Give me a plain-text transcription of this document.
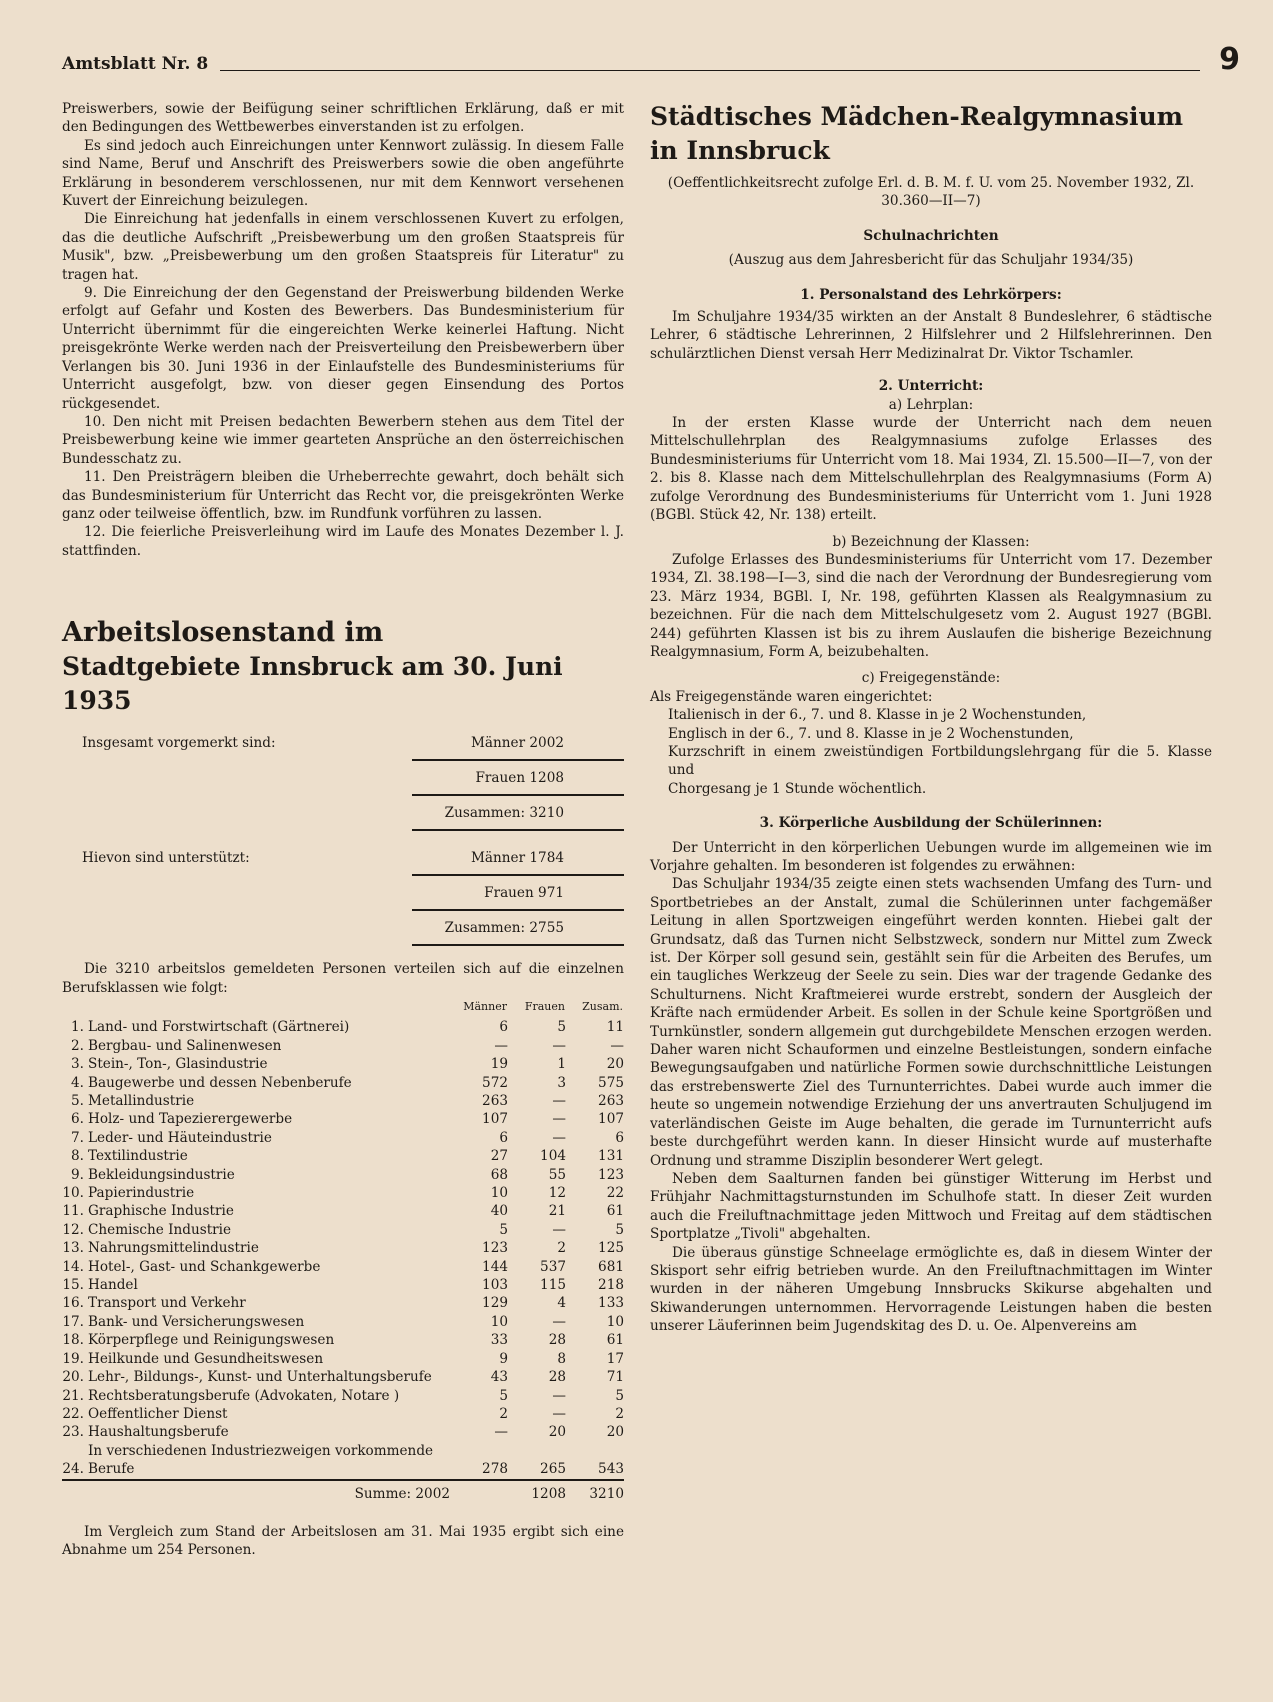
Amtsblatt Nr. 8	9

Preiswerbers, sowie der Beifügung seiner schriftlichen Erklärung, daß er mit den Bedingungen des Wettbewerbes einverstanden ist zu erfolgen.

Es sind jedoch auch Einreichungen unter Kennwort zulässig. In diesem Falle sind Name, Beruf und Anschrift des Preiswerbers sowie die oben angeführte Erklärung in besonderem verschlossenen, nur mit dem Kennwort versehenen Kuvert der Einreichung beizulegen.

Die Einreichung hat jedenfalls in einem verschlossenen Kuvert zu erfolgen, das die deutliche Aufschrift „Preisbewerbung um den großen Staatspreis für Musik", bzw. „Preisbewerbung um den großen Staatspreis für Literatur" zu tragen hat.

9. Die Einreichung der den Gegenstand der Preiswerbung bildenden Werke erfolgt auf Gefahr und Kosten des Bewerbers. Das Bundesministerium für Unterricht übernimmt für die eingereichten Werke keinerlei Haftung. Nicht preisgekrönte Werke werden nach der Preisverteilung den Preisbewerbern über Verlangen bis 30. Juni 1936 in der Einlaufstelle des Bundesministeriums für Unterricht ausgefolgt, bzw. von dieser gegen Einsendung des Portos rückgesendet.

10. Den nicht mit Preisen bedachten Bewerbern stehen aus dem Titel der Preisbewerbung keine wie immer gearteten Ansprüche an den österreichischen Bundesschatz zu.

11. Den Preisträgern bleiben die Urheberrechte gewahrt, doch behält sich das Bundesministerium für Unterricht das Recht vor, die preisgekrönten Werke ganz oder teilweise öffentlich, bzw. im Rundfunk vorführen zu lassen.

12. Die feierliche Preisverleihung wird im Laufe des Monates Dezember l. J. stattfinden.

Arbeitslosenstand im
Stadtgebiete Innsbruck am 30. Juni 1935
Insgesamt vorgemerkt sind:	Männer 2002
Frauen 1208
Zusammen: 3210
Hievon sind unterstützt:	Männer 1784
Frauen 971
Zusammen: 2755

Die 3210 arbeitslos gemeldeten Personen verteilen sich auf die einzelnen Berufsklassen wie folgt:

		Männer	Frauen	Zusam.
1.	Land- und Forstwirtschaft (Gärtnerei)	6	5	11
2.	Bergbau- und Salinenwesen	—	—	—
3.	Stein-, Ton-, Glasindustrie	19	1	20
4.	Baugewerbe und dessen Nebenberufe	572	3	575
5.	Metallindustrie	263	—	263
6.	Holz- und Tapezierergewerbe	107	—	107
7.	Leder- und Häuteindustrie	6	—	6
8.	Textilindustrie	27	104	131
9.	Bekleidungsindustrie	68	55	123
10.	Papierindustrie	10	12	22
11.	Graphische Industrie	40	21	61
12.	Chemische Industrie	5	—	5
13.	Nahrungsmittelindustrie	123	2	125
14.	Hotel-, Gast- und Schankgewerbe	144	537	681
15.	Handel	103	115	218
16.	Transport und Verkehr	129	4	133
17.	Bank- und Versicherungswesen	10	—	10
18.	Körperpflege und Reinigungswesen	33	28	61
19.	Heilkunde und Gesundheitswesen	9	8	17
20.	Lehr-, Bildungs-, Kunst- und Unterhaltungsberufe	43	28	71
21.	Rechtsberatungsberufe (Advokaten, Notare )	5	—	5
22.	Oeffentlicher Dienst	2	—	2
23.	Haushaltungsberufe	—	20	20
24.	In verschiedenen Industriezweigen vorkommende Berufe	278	265	543
	Summe: 2002		1208	3210

Im Vergleich zum Stand der Arbeitslosen am 31. Mai 1935 ergibt sich eine Abnahme um 254 Personen.

Städtisches Mädchen-Realgymnasium
in Innsbruck

(Oeffentlichkeitsrecht zufolge Erl. d. B. M. f. U. vom 25. November 1932, Zl. 30.360—II—7)

Schulnachrichten

(Auszug aus dem Jahresbericht für das Schuljahr 1934/35)

1. Personalstand des Lehrkörpers:

Im Schuljahre 1934/35 wirkten an der Anstalt 8 Bundeslehrer, 6 städtische Lehrer, 6 städtische Lehrerinnen, 2 Hilfslehrer und 2 Hilfslehrerinnen. Den schulärztlichen Dienst versah Herr Medizinalrat Dr. Viktor Tschamler.

2. Unterricht:

a) Lehrplan:

In der ersten Klasse wurde der Unterricht nach dem neuen Mittelschullehrplan des Realgymnasiums zufolge Erlasses des Bundesministeriums für Unterricht vom 18. Mai 1934, Zl. 15.500—II—7, von der 2. bis 8. Klasse nach dem Mittelschullehrplan des Realgymnasiums (Form A) zufolge Verordnung des Bundesministeriums für Unterricht vom 1. Juni 1928 (BGBl. Stück 42, Nr. 138) erteilt.

b) Bezeichnung der Klassen:

Zufolge Erlasses des Bundesministeriums für Unterricht vom 17. Dezember 1934, Zl. 38.198—I—3, sind die nach der Verordnung der Bundesregierung vom 23. März 1934, BGBl. I, Nr. 198, geführten Klassen als Realgymnasium zu bezeichnen. Für die nach dem Mittelschulgesetz vom 2. August 1927 (BGBl. 244) geführten Klassen ist bis zu ihrem Auslaufen die bisherige Bezeichnung Realgymnasium, Form A, beizubehalten.

c) Freigegenstände:

Als Freigegenstände waren eingerichtet:

Italienisch in der 6., 7. und 8. Klasse in je 2 Wochenstunden,
Englisch in der 6., 7. und 8. Klasse in je 2 Wochenstunden,
Kurzschrift in einem zweistündigen Fortbildungslehrgang für die 5. Klasse und
Chorgesang je 1 Stunde wöchentlich.

3. Körperliche Ausbildung der Schülerinnen:

Der Unterricht in den körperlichen Uebungen wurde im allgemeinen wie im Vorjahre gehalten. Im besonderen ist folgendes zu erwähnen:

Das Schuljahr 1934/35 zeigte einen stets wachsenden Umfang des Turn- und Sportbetriebes an der Anstalt, zumal die Schülerinnen unter fachgemäßer Leitung in allen Sportzweigen eingeführt werden konnten. Hiebei galt der Grundsatz, daß das Turnen nicht Selbstzweck, sondern nur Mittel zum Zweck ist. Der Körper soll gesund sein, gestählt sein für die Arbeiten des Berufes, um ein taugliches Werkzeug der Seele zu sein. Dies war der tragende Gedanke des Schulturnens. Nicht Kraftmeierei wurde erstrebt, sondern der Ausgleich der Kräfte nach ermüdender Arbeit. Es sollen in der Schule keine Sportgrößen und Turnkünstler, sondern allgemein gut durchgebildete Menschen erzogen werden. Daher waren nicht Schauformen und einzelne Bestleistungen, sondern einfache Bewegungsaufgaben und natürliche Formen sowie durchschnittliche Leistungen das erstrebenswerte Ziel des Turnunterrichtes. Dabei wurde auch immer die heute so ungemein notwendige Erziehung der uns anvertrauten Schuljugend im vaterländischen Geiste im Auge behalten, die gerade im Turnunterricht aufs beste durchgeführt werden kann. In dieser Hinsicht wurde auf musterhafte Ordnung und stramme Disziplin besonderer Wert gelegt.

Neben dem Saalturnen fanden bei günstiger Witterung im Herbst und Frühjahr Nachmittagsturnstunden im Schulhofe statt. In dieser Zeit wurden auch die Freiluftnachmittage jeden Mittwoch und Freitag auf dem städtischen Sportplatze „Tivoli" abgehalten.

Die überaus günstige Schneelage ermöglichte es, daß in diesem Winter der Skisport sehr eifrig betrieben wurde. An den Freiluftnachmittagen im Winter wurden in der näheren Umgebung Innsbrucks Skikurse abgehalten und Skiwanderungen unternommen. Hervorragende Leistungen haben die besten unserer Läuferinnen beim Jugendskitag des D. u. Oe. Alpenvereins am
